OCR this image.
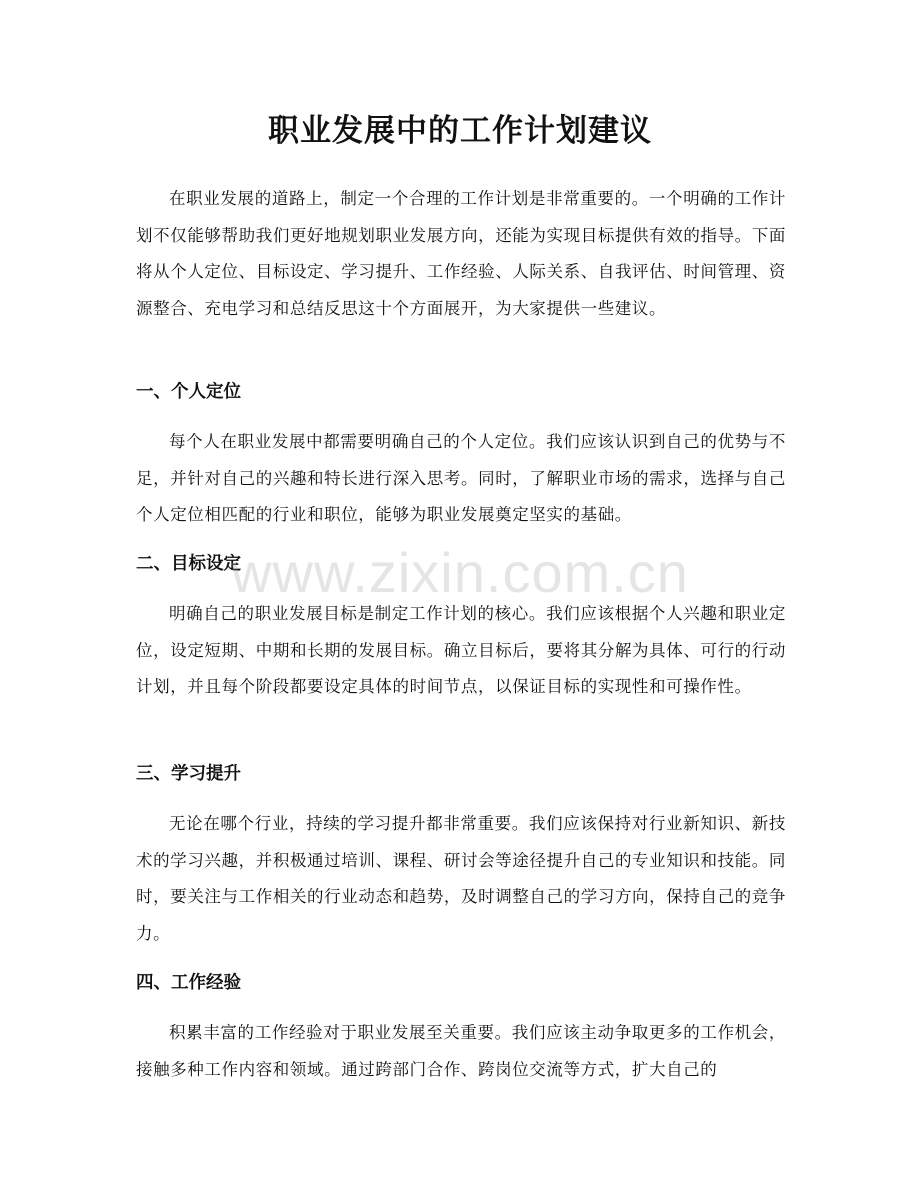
职业发展中的工作计划建议

在职业发展的道路上，制定一个合理的工作计划是非常重要的。一个明确的工作计划不仅能够帮助我们更好地规划职业发展方向，还能为实现目标提供有效的指导。下面将从个人定位、目标设定、学习提升、工作经验、人际关系、自我评估、时间管理、资源整合、充电学习和总结反思这十个方面展开，为大家提供一些建议。

一、个人定位

每个人在职业发展中都需要明确自己的个人定位。我们应该认识到自己的优势与不足，并针对自己的兴趣和特长进行深入思考。同时，了解职业市场的需求，选择与自己个人定位相匹配的行业和职位，能够为职业发展奠定坚实的基础。

二、目标设定

明确自己的职业发展目标是制定工作计划的核心。我们应该根据个人兴趣和职业定位，设定短期、中期和长期的发展目标。确立目标后，要将其分解为具体、可行的行动计划，并且每个阶段都要设定具体的时间节点，以保证目标的实现性和可操作性。

三、学习提升

无论在哪个行业，持续的学习提升都非常重要。我们应该保持对行业新知识、新技术的学习兴趣，并积极通过培训、课程、研讨会等途径提升自己的专业知识和技能。同时，要关注与工作相关的行业动态和趋势，及时调整自己的学习方向，保持自己的竞争力。

四、工作经验

积累丰富的工作经验对于职业发展至关重要。我们应该主动争取更多的工作机会，接触多种工作内容和领域。通过跨部门合作、跨岗位交流等方式，扩大自己的

www.zixin.com.cn
